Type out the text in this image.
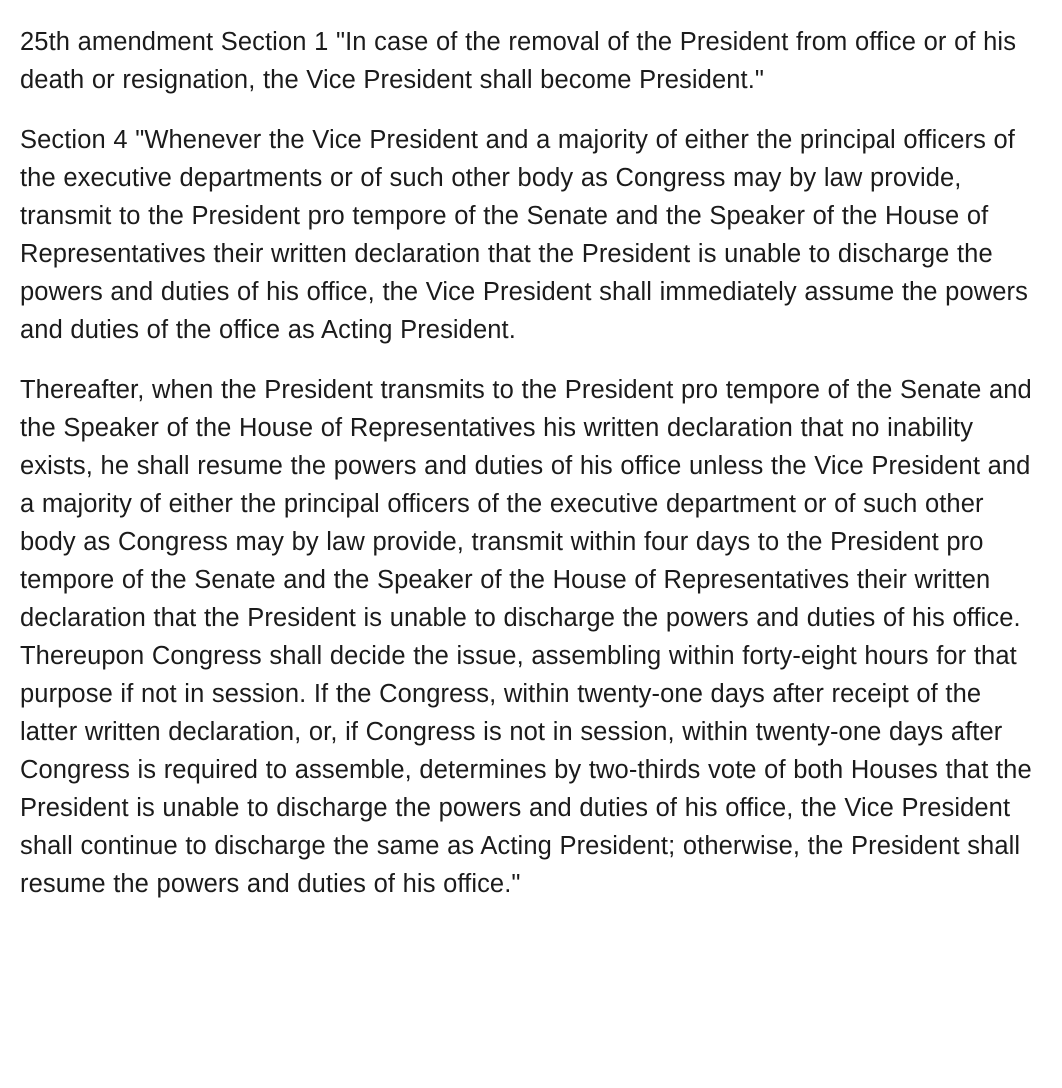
25th amendment Section 1 "In case of the removal of the President from office or of his death or resignation, the Vice President shall become President."

Section 4 "Whenever the Vice President and a majority of either the principal officers of the executive departments or of such other body as Congress may by law provide, transmit to the President pro tempore of the Senate and the Speaker of the House of Representatives their written declaration that the President is unable to discharge the powers and duties of his office, the Vice President shall immediately assume the powers and duties of the office as Acting President.

Thereafter, when the President transmits to the President pro tempore of the Senate and the Speaker of the House of Representatives his written declaration that no inability exists, he shall resume the powers and duties of his office unless the Vice President and a majority of either the principal officers of the executive department or of such other body as Congress may by law provide, transmit within four days to the President pro tempore of the Senate and the Speaker of the House of Representatives their written declaration that the President is unable to discharge the powers and duties of his office. Thereupon Congress shall decide the issue, assembling within forty-eight hours for that purpose if not in session. If the Congress, within twenty-one days after receipt of the latter written declaration, or, if Congress is not in session, within twenty-one days after Congress is required to assemble, determines by two-thirds vote of both Houses that the President is unable to discharge the powers and duties of his office, the Vice President shall continue to discharge the same as Acting President; otherwise, the President shall resume the powers and duties of his office."
